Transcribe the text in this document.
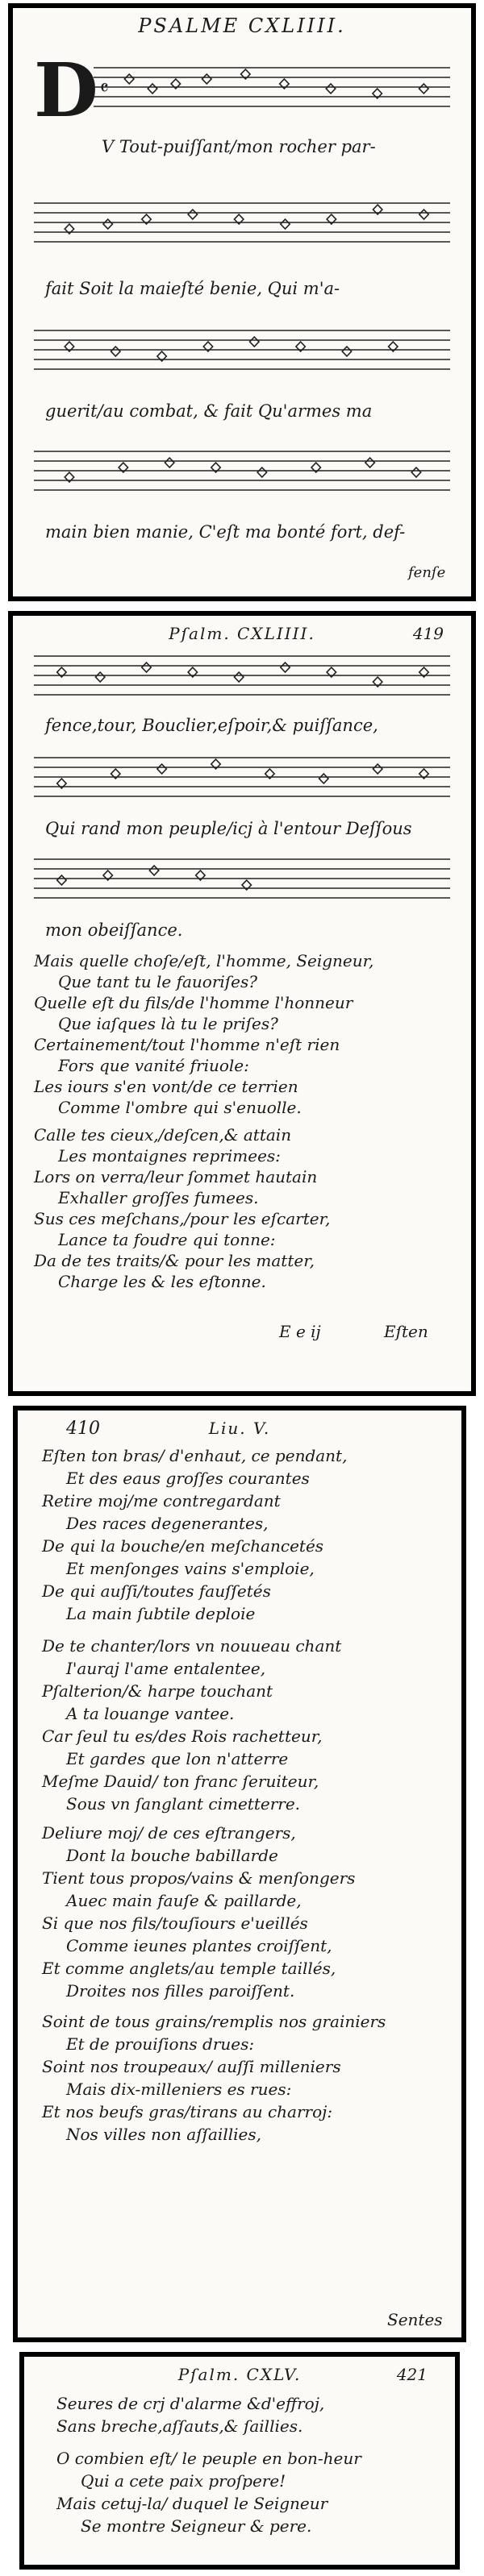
PSALME CXLIIII.
D 𝄴
V Tout-puiſſant/mon rocher par-
fait Soit la maieſté benie, Qui m'a-
guerit/au combat, & fait Qu'armes ma
main bien manie, C'eſt ma bonté fort, def-
fenſe
Pſalm. CXLIIII.	419
fence,tour, Bouclier,eſpoir,& puiſſance,
Qui rand mon peuple/icj à l'entour Deſſous
mon obeiſſance.
Mais quelle choſe/eſt, l'homme, Seigneur,
Que tant tu le fauoriſes?
Quelle eſt du fils/de l'homme l'honneur
Que iaſques là tu le priſes?
Certainement/tout l'homme n'eſt rien
Fors que vanité friuole:
Les iours s'en vont/de ce terrien
Comme l'ombre qui s'enuolle.
Calle tes cieux,/deſcen,& attain
Les montaignes reprimees:
Lors on verra/leur ſommet hautain
Exhaller groſſes fumees.
Sus ces meſchans,/pour les eſcarter,
Lance ta foudre qui tonne:
Da de tes traits/& pour les matter,
Charge les & les eſtonne.
E e ij	Eſten
410	Liu. V.
Eſten ton bras/ d'enhaut, ce pendant,
Et des eaus groſſes courantes
Retire moj/me contregardant
Des races degenerantes,
De qui la bouche/en meſchancetés
Et menſonges vains s'emploie,
De qui auſſi/toutes fauſſetés
La main ſubtile deploie
De te chanter/lors vn nouueau chant
I'auraj l'ame entalentee,
Pſalterion/& harpe touchant
A ta louange vantee.
Car ſeul tu es/des Rois rachetteur,
Et gardes que lon n'atterre
Meſme Dauid/ ton franc ſeruiteur,
Sous vn ſanglant cimetterre.
Deliure moj/ de ces eſtrangers,
Dont la bouche babillarde
Tient tous propos/vains & menſongers
Auec main fauſe & paillarde,
Si que nos fils/touſiours e'ueillés
Comme ieunes plantes croiſſent,
Et comme anglets/au temple taillés,
Droites nos filles paroiſſent.
Soint de tous grains/remplis nos grainiers
Et de prouiſions drues:
Soint nos troupeaux/ auſſi milleniers
Mais dix-milleniers es rues:
Et nos beufs gras/tirans au charroj:
Nos villes non aſſaillies,
Sentes
Pſalm. CXLV.	421
Seures de crj d'alarme &d'effroj,
Sans breche,aſſauts,& ſaillies.
O combien eſt/ le peuple en bon-heur
Qui a cete paix proſpere!
Mais cetuj-la/ duquel le Seigneur
Se montre Seigneur & pere.
